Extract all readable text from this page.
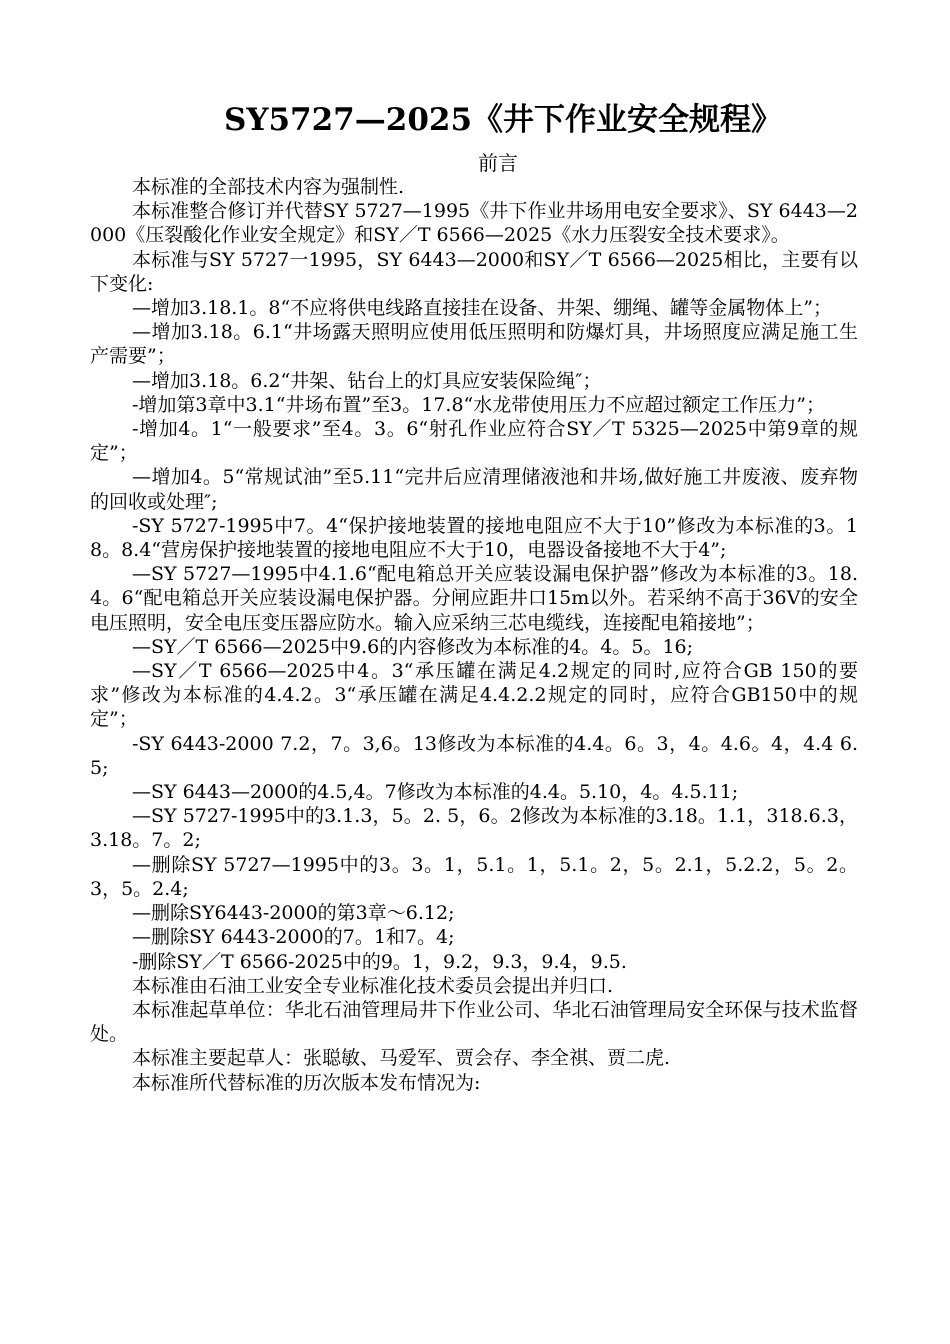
SY5727—2025《井下作业安全规程》
前言

本标准的全部技术内容为强制性.

本标准整合修订并代替SY 5727—1995《井下作业井场用电安全要求》、SY 6443—2000《压裂酸化作业安全规定》和SY／T 6566—2025《水力压裂安全技术要求》。

本标准与SY 5727一1995，SY 6443—2000和SY／T 6566—2025相比，主要有以下变化:

—增加3.18.1。8“不应将供电线路直接挂在设备、井架、绷绳、罐等金属物体上”；

—增加3.18。6.1“井场露天照明应使用低压照明和防爆灯具，井场照度应满足施工生产需要”；

—增加3.18。6.2“井架、钻台上的灯具应安装保险绳″；

-增加第3章中3.1“井场布置”至3。17.8“水龙带使用压力不应超过额定工作压力”；

-增加4。1“一般要求”至4。3。6“射孔作业应符合SY／T 5325—2025中第9章的规定”；

—增加4。5“常规试油”至5.11“完井后应清理储液池和井场,做好施工井废液、废弃物的回收或处理″;

-SY 5727-1995中7。4“保护接地装置的接地电阻应不大于10”修改为本标准的3。18。8.4“营房保护接地装置的接地电阻应不大于10，电器设备接地不大于4”;

—SY 5727—1995中4.1.6“配电箱总开关应装设漏电保护器”修改为本标准的3。18.4。6“配电箱总开关应装设漏电保护器。分闸应距井口15m以外。若采纳不高于36V的安全电压照明，安全电压变压器应防水。输入应采纳三芯电缆线，连接配电箱接地”；

—SY／T 6566—2025中9.6的内容修改为本标准的4。4。5。16;

—SY／T 6566—2025中4。3“承压罐在满足4.2规定的同时,应符合GB 150的要求”修改为本标准的4.4.2。3“承压罐在满足4.4.2.2规定的同时，应符合GB150中的规定”；

-SY 6443-2000 7.2，7。3,6。13修改为本标准的4.4。6。3，4。4.6。4，4.4 6.5;

—SY 6443—2000的4.5,4。7修改为本标准的4.4。5.10，4。4.5.11;

—SY 5727-1995中的3.1.3，5。2. 5，6。2修改为本标准的3.18。1.1，318.6.3，3.18。7。2;

—删除SY 5727—1995中的3。3。1，5.1。1，5.1。2，5。2.1，5.2.2，5。2。3，5。2.4;

—删除SY6443-2000的第3章～6.12;

—删除SY 6443-2000的7。1和7。4;

-删除SY／T 6566-2025中的9。1，9.2，9.3，9.4，9.5.

本标准由石油工业安全专业标准化技术委员会提出并归口.

本标准起草单位：华北石油管理局井下作业公司、华北石油管理局安全环保与技术监督处。

本标准主要起草人：张聪敏、马爱军、贾会存、李全祺、贾二虎.

本标准所代替标准的历次版本发布情况为:
